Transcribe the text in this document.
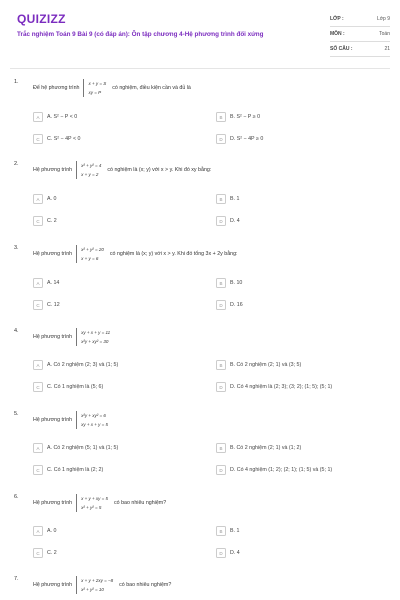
QUIZIZZ
Trắc nghiệm Toán 9 Bài 9 (có đáp án): Ôn tập chương 4-Hệ phương trình đối xứng
LỚP :	Lớp 9
MÔN :	Toán
SỐ CÂU :	21
1.
Để hệ phương trình
x + y = S
xy = P
có nghiệm, điều kiện cần và đủ là
A	A. S² − P < 0	B	B. S² − P ≥ 0
C	C. S² − 4P < 0	D	D. S² − 4P ≥ 0
2.
Hệ phương trình
x² + y² = 4
x + y = 2
có nghiệm là (x; y) với x > y. Khi đó xy bằng:
A	A. 0	B	B. 1
C	C. 2	D	D. 4
3.
Hệ phương trình
x² + y² = 20
x + y = 6
có nghiệm là (x; y) với x > y. Khi đó tổng 3x + 2y bằng:
A	A. 14	B	B. 10
C	C. 12	D	D. 16
4.
Hệ phương trình
xy + x + y = 11
x²y + xy² = 30
A	A. Có 2 nghiệm (2; 3) và (1; 5)	B	B. Có 2 nghiệm (2; 1) và (3; 5)
C	C. Có 1 nghiệm là (5; 6)	D	D. Có 4 nghiệm là (2; 3); (3; 2); (1; 5); (5; 1)
5.
Hệ phương trình
x²y + xy² = 6
xy + x + y = 5
A	A. Có 2 nghiệm (5; 1) và (1; 5)	B	B. Có 2 nghiệm (2; 1) và (1; 2)
C	C. Có 1 nghiệm là (2; 2)	D	D. Có 4 nghiệm (1; 2); (2; 1); (1; 5) và (5; 1)
6.
Hệ phương trình
x + y + xy = 5
x² + y² = 5
có bao nhiêu nghiệm?
A	A. 0	B	B. 1
C	C. 2	D	D. 4
7.
Hệ phương trình
x + y + 2xy = −8
x² + y² = 10
có bao nhiêu nghiệm?
